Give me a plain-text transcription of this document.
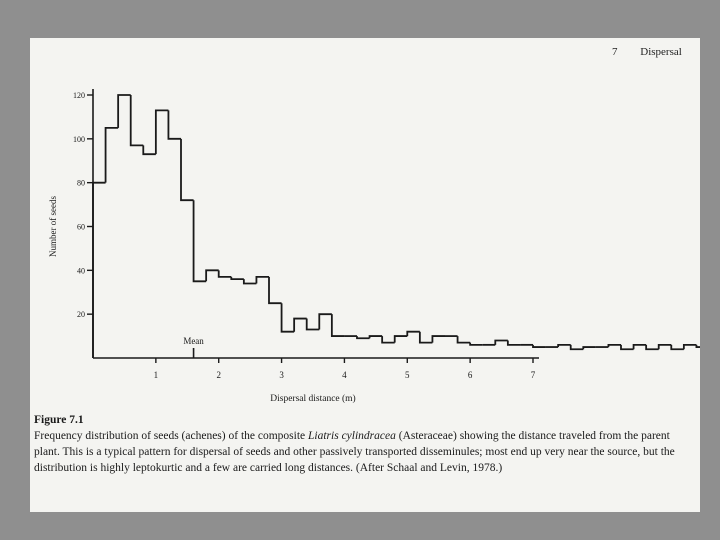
7 Dispersal
20
40
60
80
100
120
1	2	3	4	5	6	7
Mean
Dispersal distance (m)
Number of seeds
Figure 7.1
Frequency distribution of seeds (achenes) of the composite Liatris cylindracea (Asteraceae) showing the distance traveled from the parent plant. This is a typical pattern for dispersal of seeds and other passively transported disseminules; most end up very near the source, but the distribution is highly leptokurtic and a few are carried long distances. (After Schaal and Levin, 1978.)
